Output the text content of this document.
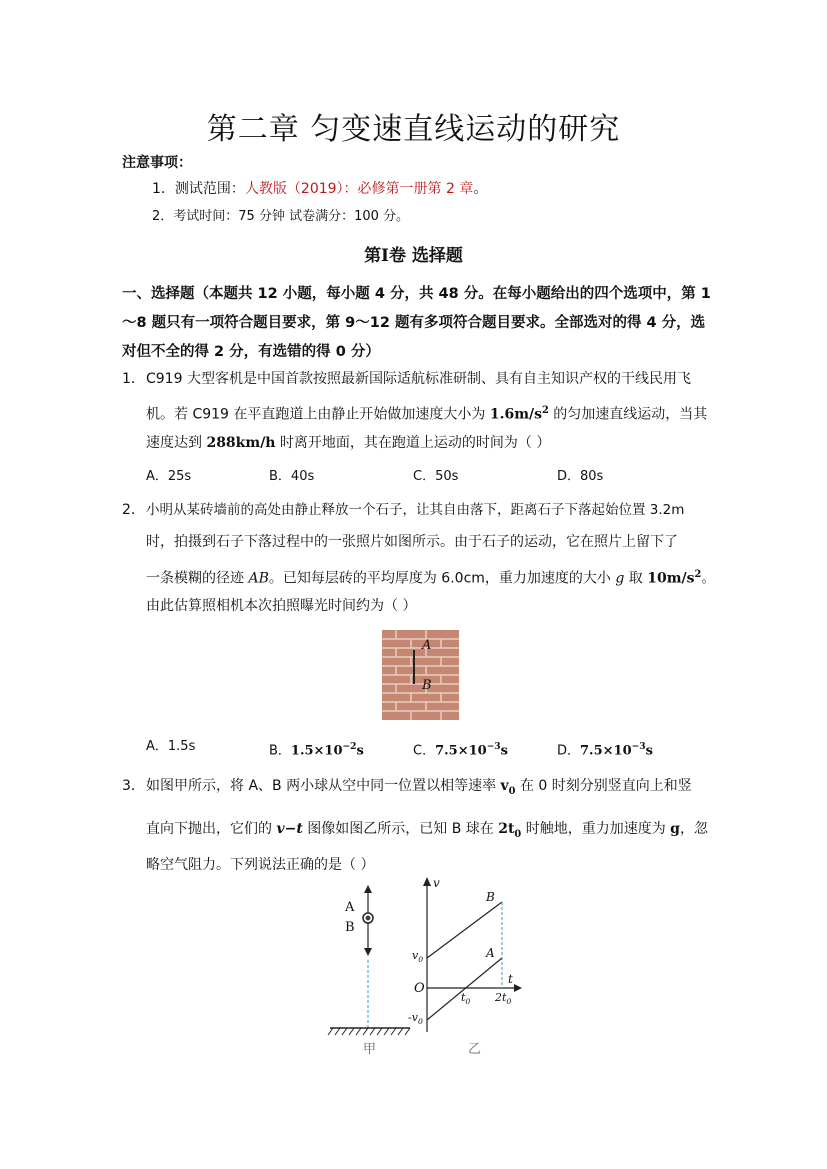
第二章 匀变速直线运动的研究
注意事项：
1．测试范围：人教版（2019）：必修第一册第 2 章。
2．考试时间：75 分钟 试卷满分：100 分。
第Ⅰ卷 选择题
一、选择题（本题共 12 小题，每小题 4 分，共 48 分。在每小题给出的四个选项中，第 1～8 题只有一项符合题目要求，第 9～12 题有多项符合题目要求。全部选对的得 4 分，选对但不全的得 2 分，有选错的得 0 分）
1． C919 大型客机是中国首款按照最新国际适航标准研制、具有自主知识产权的干线民用飞
机。若 C919 在平直跑道上由静止开始做加速度大小为 $1.6m/s^2$ 的匀加速直线运动，当其
速度达到 288km/h 时离开地面，其在跑道上运动的时间为（ ）
A．25s	B．40s	C．50s	D．80s
2． 小明从某砖墙前的高处由静止释放一个石子，让其自由落下，距离石子下落起始位置 3.2m
时，拍摄到石子下落过程中的一张照片如图所示。由于石子的运动，它在照片上留下了
一条模糊的径迹 AB。已知每层砖的平均厚度为 6.0cm，重力加速度的大小 g 取 $10m/s^2$。
由此估算照相机本次拍照曝光时间约为（ ）
A
B
A．1.5s	B．$1.5\times 10^{-2}s$	C．$7.5\times 10^{-3}s$	D．$7.5\times 10^{-3}s$
3． 如图甲所示，将 A、B 两小球从空中同一位置以相等速率 $v_0$ 在 0 时刻分别竖直向上和竖
直向下抛出，它们的 v−t 图像如图乙所示，已知 B 球在 $2t_0$ 时触地，重力加速度为 g，忽
略空气阻力。下列说法正确的是（ ）
A
B
甲
v
t
O
$v_0$
$-v_0$
$t_0$ $2t_0$
B
A
乙
